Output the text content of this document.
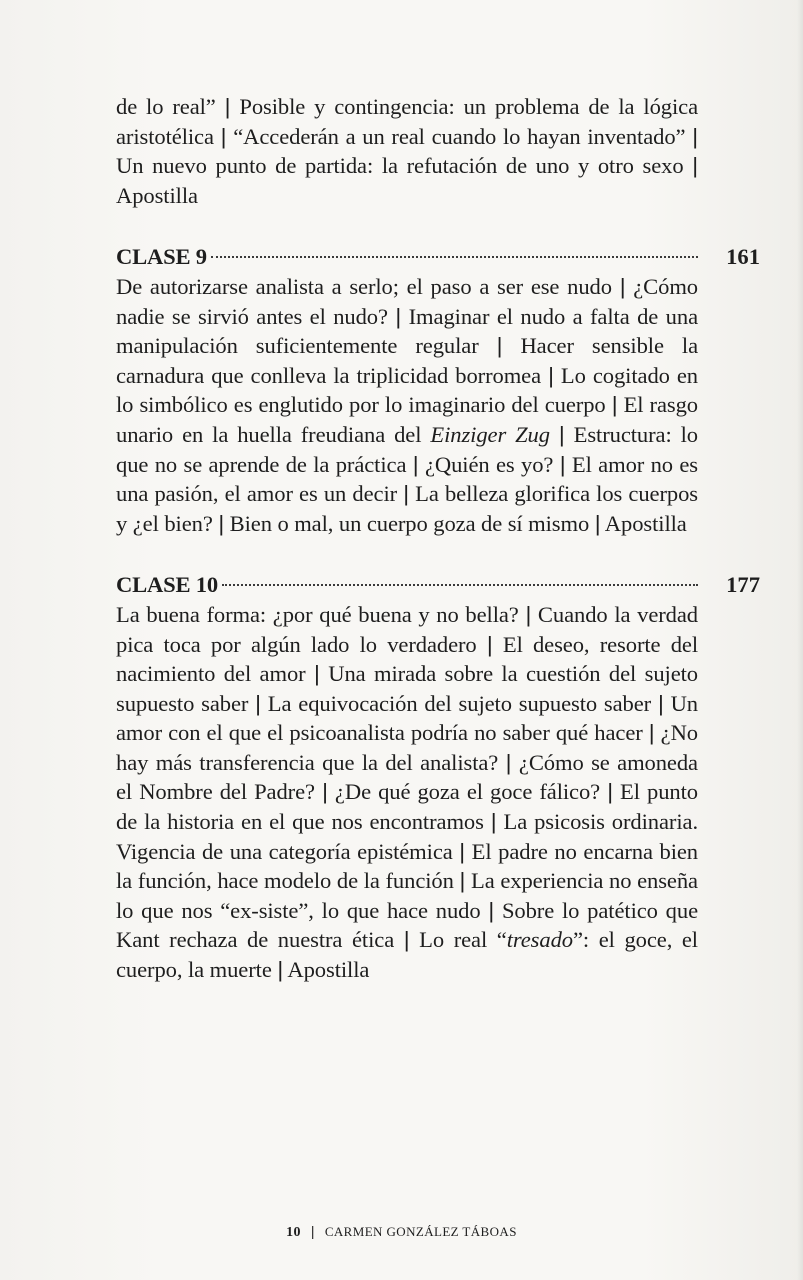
de lo real” | Posible y contingencia: un problema de la lógica aristotélica | “Accederán a un real cuando lo hayan inventado” | Un nuevo punto de partida: la refutación de uno y otro sexo | Apostilla

CLASE 9	161

De autorizarse analista a serlo; el paso a ser ese nudo | ¿Cómo nadie se sirvió antes el nudo? | Imaginar el nudo a falta de una manipulación suficientemente regular | Hacer sensible la carnadura que conlleva la triplicidad borromea | Lo cogitado en lo simbólico es englutido por lo imaginario del cuerpo | El rasgo unario en la huella freudiana del Einziger Zug | Estructura: lo que no se aprende de la práctica | ¿Quién es yo? | El amor no es una pasión, el amor es un decir | La belleza glorifica los cuerpos y ¿el bien? | Bien o mal, un cuerpo goza de sí mismo | Apostilla

CLASE 10	177

La buena forma: ¿por qué buena y no bella? | Cuando la verdad pica toca por algún lado lo verdadero | El deseo, resorte del nacimiento del amor | Una mirada sobre la cuestión del sujeto supuesto saber | La equivocación del sujeto supuesto saber | Un amor con el que el psicoanalista podría no saber qué hacer | ¿No hay más transferencia que la del analista? | ¿Cómo se amoneda el Nombre del Padre? | ¿De qué goza el goce fálico? | El punto de la historia en el que nos encontramos | La psicosis ordinaria. Vigencia de una categoría epistémica | El padre no encarna bien la función, hace modelo de la función | La experiencia no enseña lo que nos “ex-siste”, lo que hace nudo | Sobre lo patético que Kant rechaza de nuestra ética | Lo real “tresado”: el goce, el cuerpo, la muerte | Apostilla

10 | CARMEN GONZÁLEZ TÁBOAS
